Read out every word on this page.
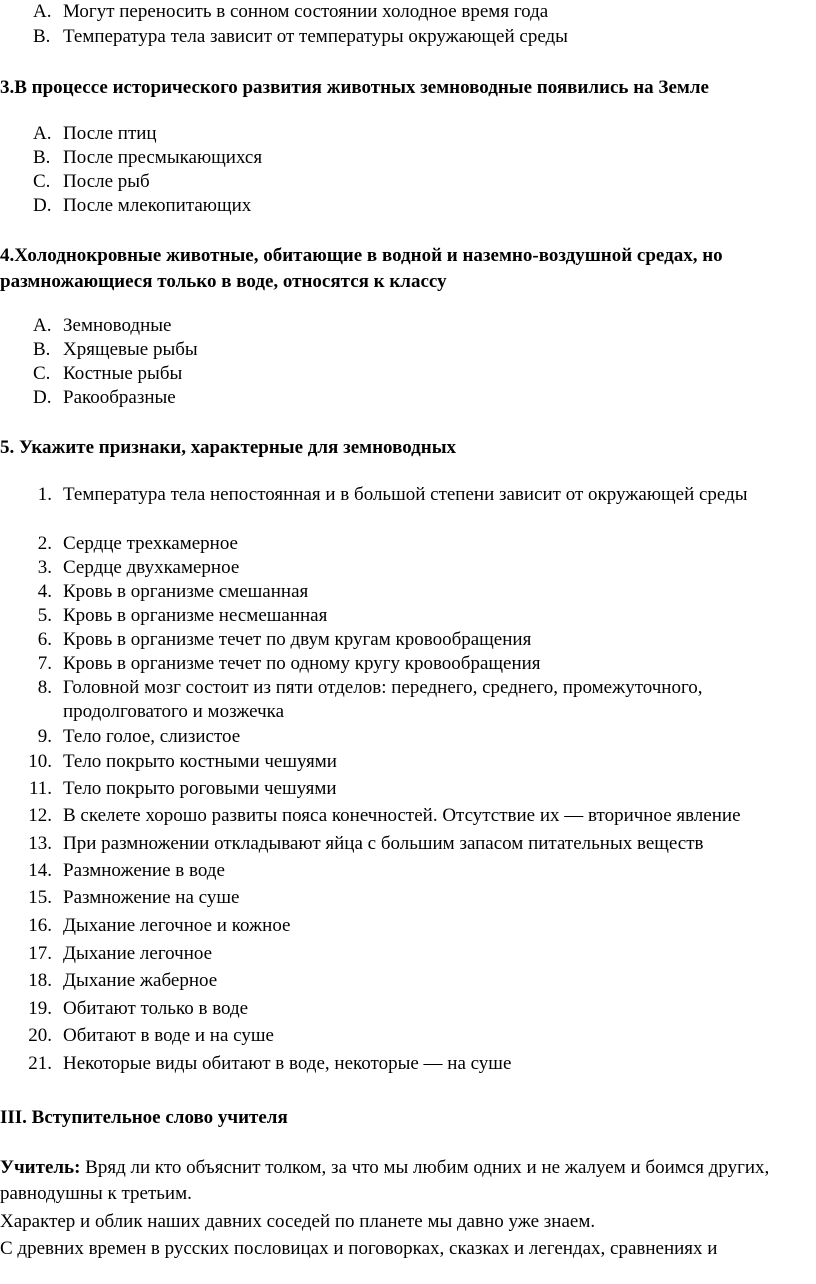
A. Могут переносить в сонном состоянии холодное время года
B. Температура тела зависит от температуры окружающей среды
3.В процессе исторического развития животных земноводные появились на Земле
A. После птиц
B. После пресмыкающихся
C. После рыб
D. После млекопитающих
4.Холоднокровные животные, обитающие в водной и наземно-воздушной средах, но размножающиеся только в воде, относятся к классу
A. Земноводные
B. Хрящевые рыбы
C. Костные рыбы
D. Ракообразные
5. Укажите признаки, характерные для земноводных
1. Температура тела непостоянная и в большой степени зависит от окружающей среды
2. Сердце трехкамерное
3. Сердце двухкамерное
4. Кровь в организме смешанная
5. Кровь в организме несмешанная
6. Кровь в организме течет по двум кругам кровообращения
7. Кровь в организме течет по одному кругу кровообращения
8. Головной мозг состоит из пяти отделов: переднего, среднего, промежуточного, продолговатого и мозжечка
9. Тело голое, слизистое
10. Тело покрыто костными чешуями
11. Тело покрыто роговыми чешуями
12. В скелете хорошо развиты пояса конечностей. Отсутствие их — вторичное явление
13. При размножении откладывают яйца с большим запасом питательных веществ
14. Размножение в воде
15. Размножение на суше
16. Дыхание легочное и кожное
17. Дыхание легочное
18. Дыхание жаберное
19. Обитают только в воде
20. Обитают в воде и на суше
21. Некоторые виды обитают в воде, некоторые — на суше
III. Вступительное слово учителя
Учитель: Вряд ли кто объяснит толком, за что мы любим одних и не жалуем и боимся других, равнодушны к третьим.
Характер и облик наших давних соседей по планете мы давно уже знаем.
С древних времен в русских пословицах и поговорках, сказках и легендах, сравнениях и
